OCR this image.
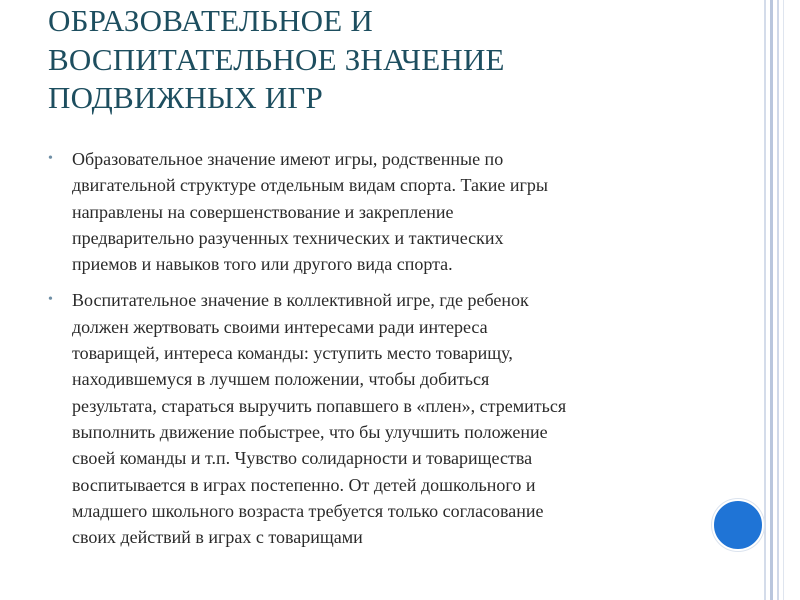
ОБРАЗОВАТЕЛЬНОЕ И
ВОСПИТАТЕЛЬНОЕ ЗНАЧЕНИЕ
ПОДВИЖНЫХ ИГР
• Образовательное значение имеют игры, родственные по
двигательной структуре отдельным видам спорта. Такие игры
направлены на совершенствование и закрепление
предварительно разученных технических и тактических
приемов и навыков того или другого вида спорта.
• Воспитательное значение в коллективной игре, где ребенок
должен жертвовать своими интересами ради интереса
товарищей, интереса команды: уступить место товарищу,
находившемуся в лучшем положении, чтобы добиться
результата, стараться выручить попавшего в «плен», стремиться
выполнить движение побыстрее, что бы улучшить положение
своей команды и т.п. Чувство солидарности и товарищества
воспитывается в играх постепенно. От детей дошкольного и
младшего школьного возраста требуется только согласование
своих действий в играх с товарищами
